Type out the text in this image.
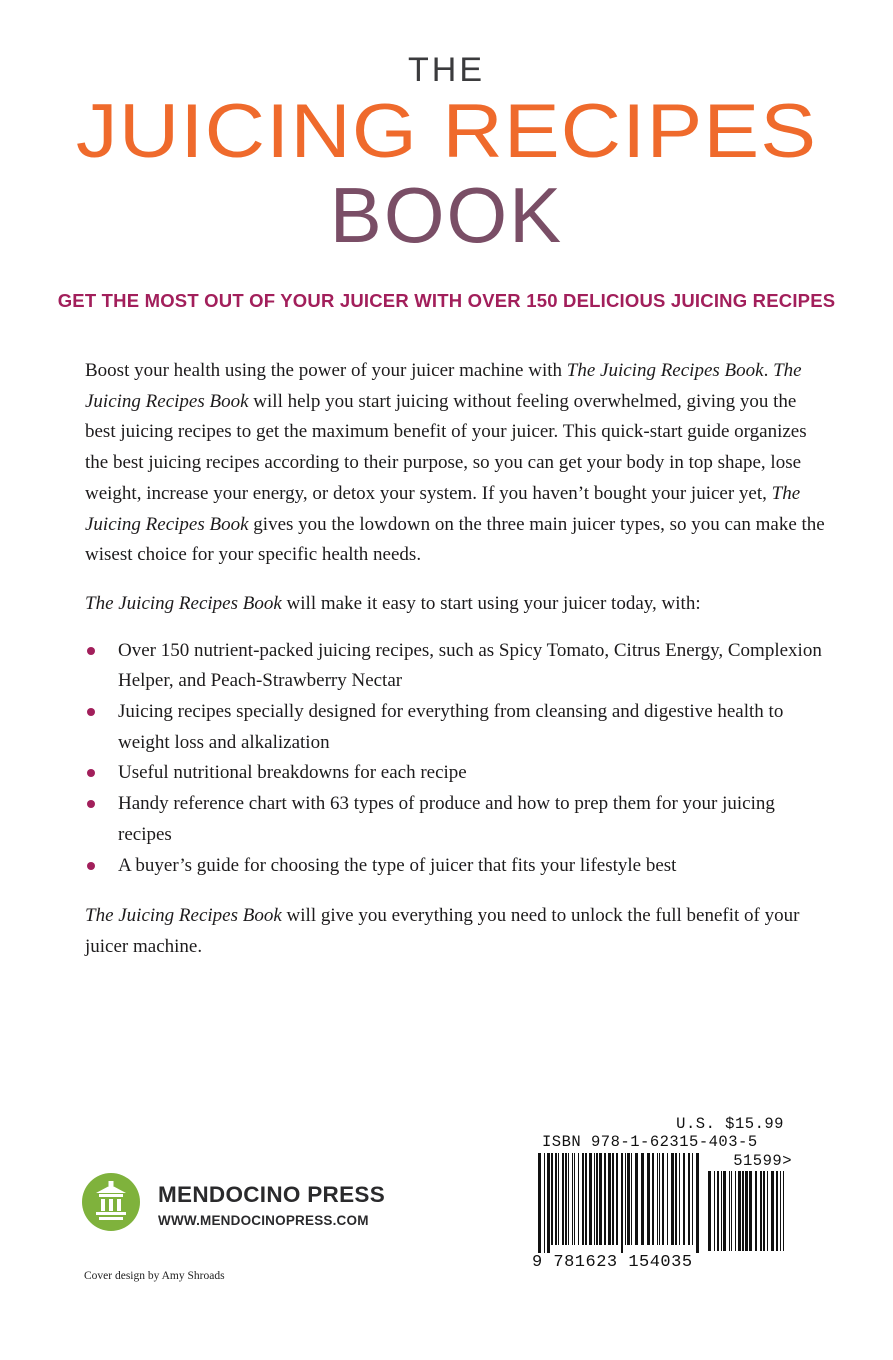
THE
JUICING RECIPES
BOOK
GET THE MOST OUT OF YOUR JUICER WITH OVER 150 DELICIOUS JUICING RECIPES

Boost your health using the power of your juicer machine with The Juicing Recipes Book. The Juicing Recipes Book will help you start juicing without feeling overwhelmed, giving you the best juicing recipes to get the maximum benefit of your juicer. This quick-start guide organizes the best juicing recipes according to their purpose, so you can get your body in top shape, lose weight, increase your energy, or detox your system. If you haven’t bought your juicer yet, The Juicing Recipes Book gives you the lowdown on the three main juicer types, so you can make the wisest choice for your specific health needs.

The Juicing Recipes Book will make it easy to start using your juicer today, with:

Over 150 nutrient-packed juicing recipes, such as Spicy Tomato, Citrus Energy, Complexion Helper, and Peach-Strawberry Nectar
Juicing recipes specially designed for everything from cleansing and digestive health to weight loss and alkalization
Useful nutritional breakdowns for each recipe
Handy reference chart with 63 types of produce and how to prep them for your juicing recipes
A buyer’s guide for choosing the type of juicer that fits your lifestyle best

The Juicing Recipes Book will give you everything you need to unlock the full benefit of your juicer machine.

MENDOCINO PRESS
WWW.MENDOCINOPRESS.COM
Cover design by Amy Shroads
U.S. $15.99
ISBN 978-1-62315-403-5
51599>
9 781623 154035
